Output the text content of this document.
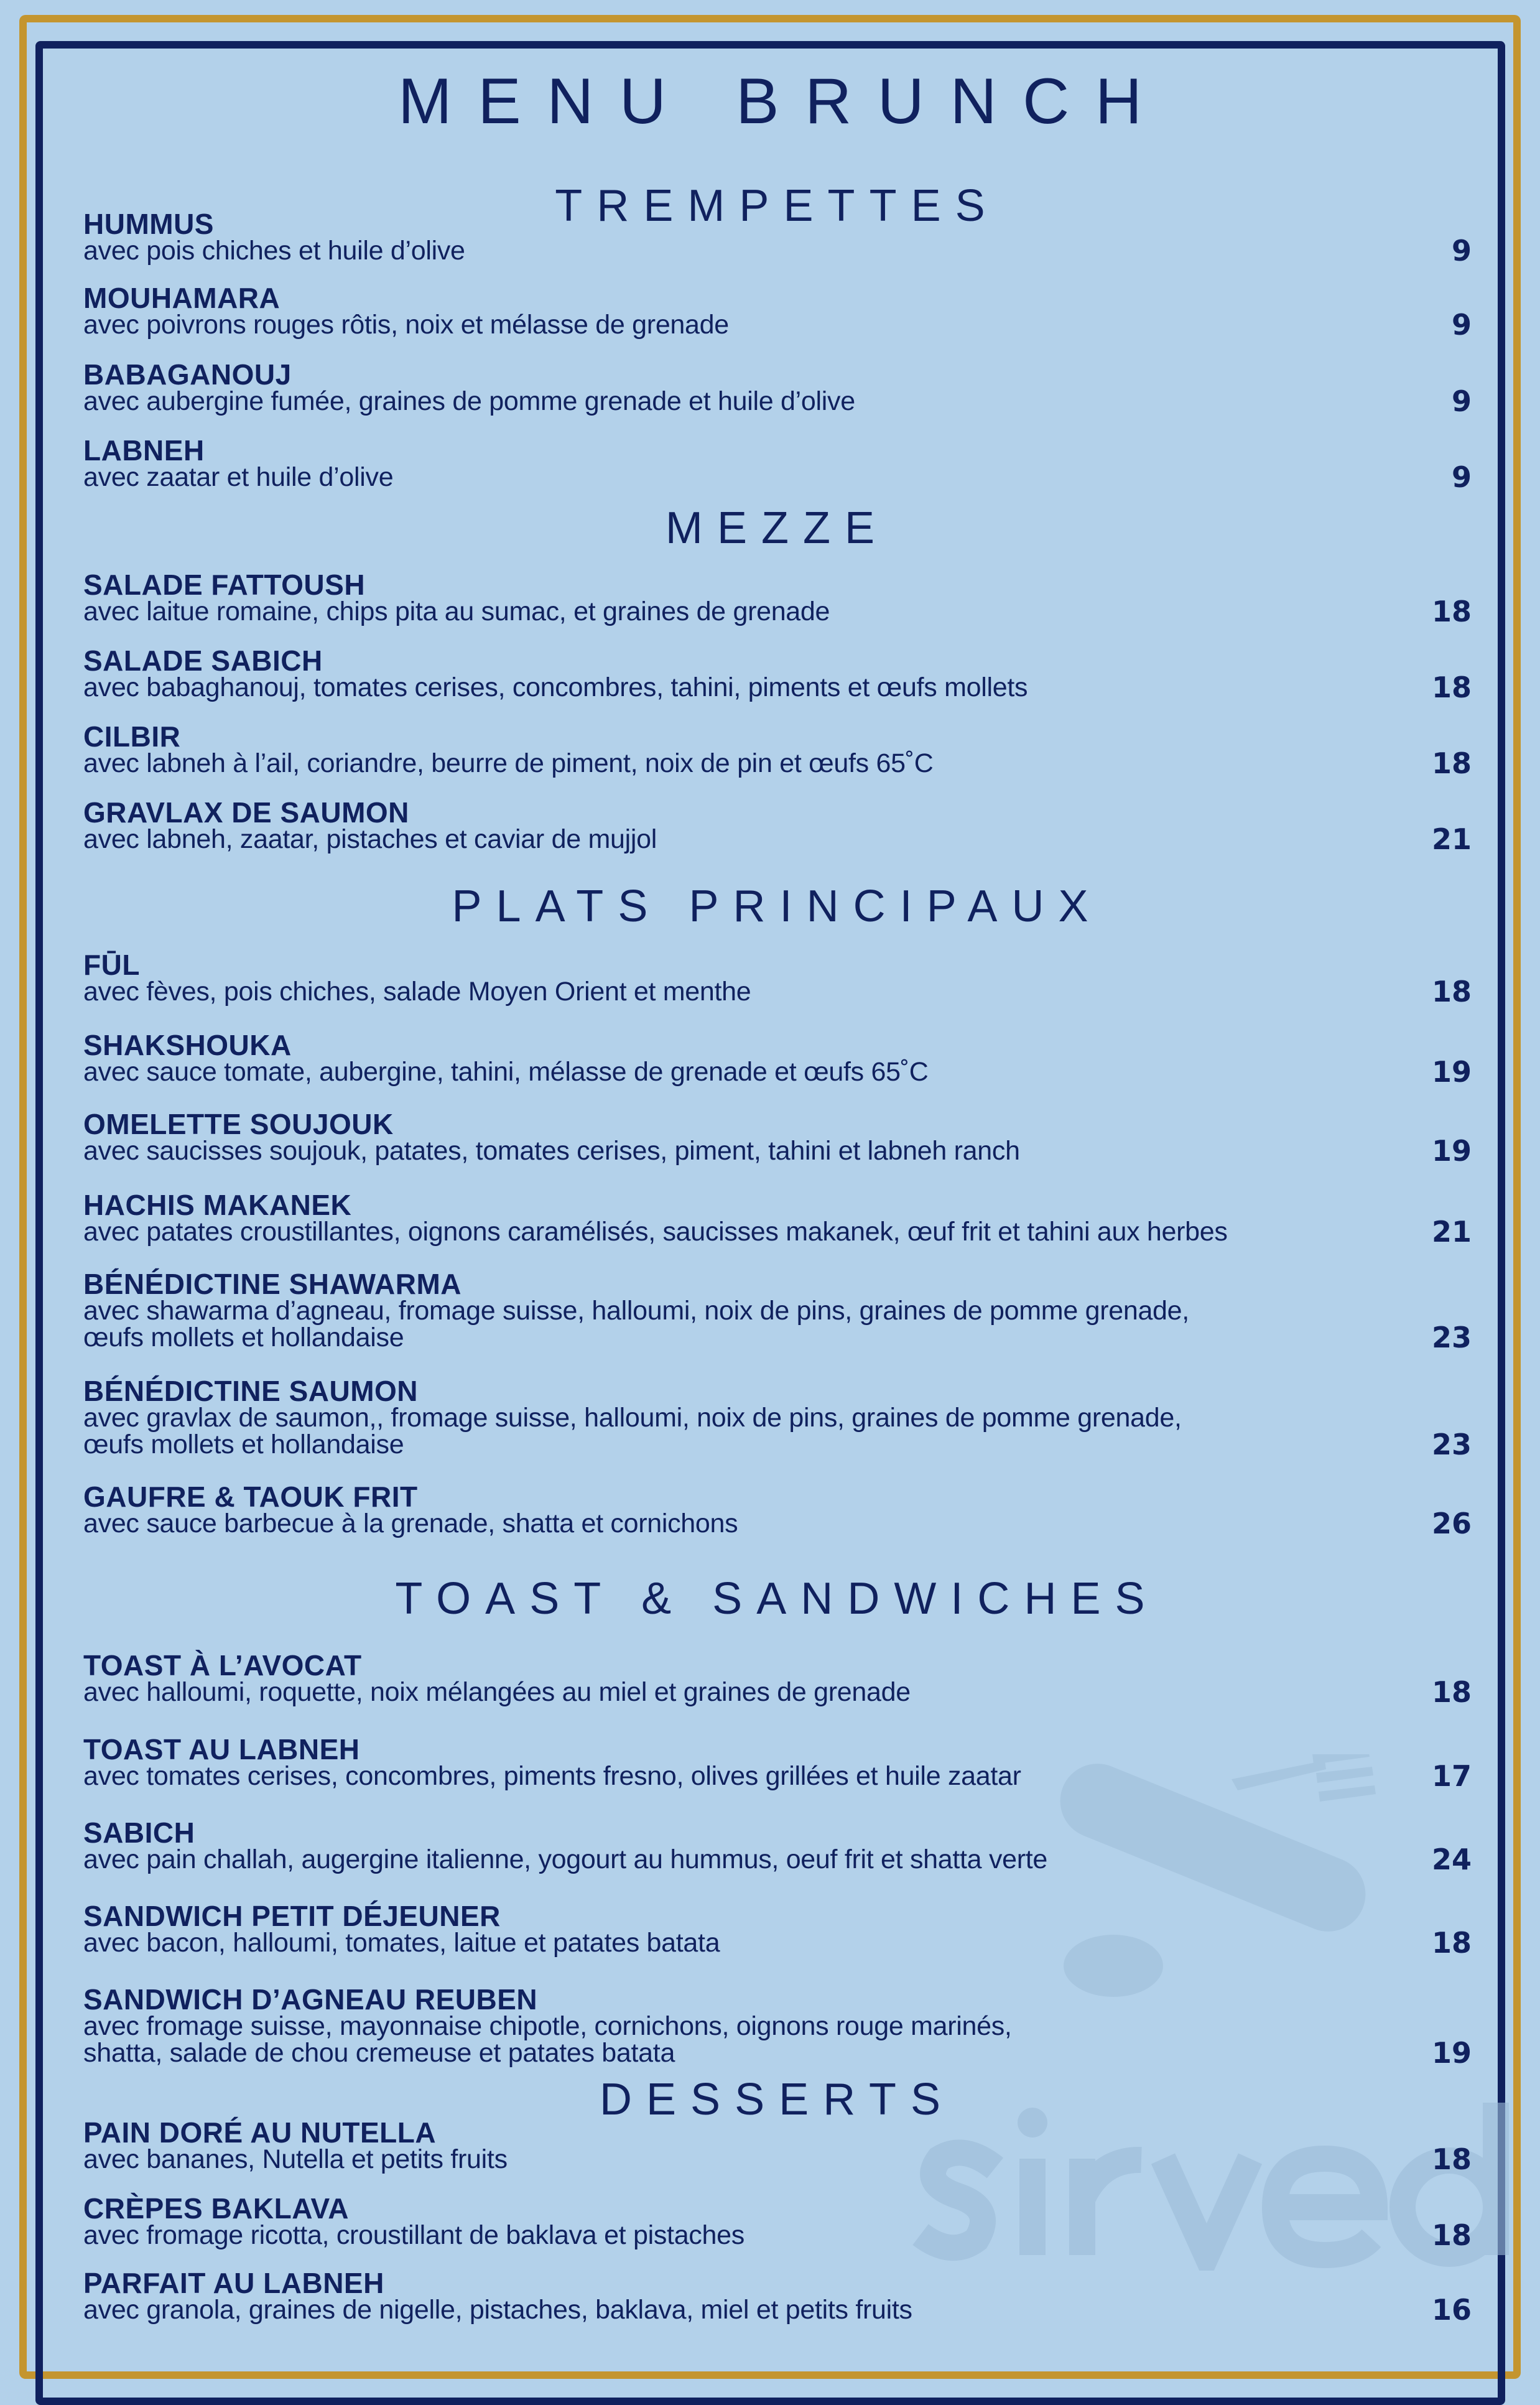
MENU BRUNCH
TREMPETTES
HUMMUS
avec pois chiches et huile d’olive	9
MOUHAMARA
avec poivrons rouges rôtis, noix et mélasse de grenade	9
BABAGANOUJ
avec aubergine fumée, graines de pomme grenade et huile d’olive	9
LABNEH
avec zaatar et huile d’olive	9
MEZZE
SALADE FATTOUSH
avec laitue romaine, chips pita au sumac, et graines de grenade	18
SALADE SABICH
avec babaghanouj, tomates cerises, concombres, tahini, piments et œufs mollets	18
CILBIR
avec labneh à l’ail, coriandre, beurre de piment, noix de pin et œufs 65˚C	18
GRAVLAX DE SAUMON
avec labneh, zaatar, pistaches et caviar de mujjol	21
PLATS PRINCIPAUX
FŪL
avec fèves, pois chiches, salade Moyen Orient et menthe	18
SHAKSHOUKA
avec sauce tomate, aubergine, tahini, mélasse de grenade et œufs 65˚C	19
OMELETTE SOUJOUK
avec saucisses soujouk, patates, tomates cerises, piment, tahini et labneh ranch	19
HACHIS MAKANEK
avec patates croustillantes, oignons caramélisés, saucisses makanek, œuf frit et tahini aux herbes	21
BÉNÉDICTINE SHAWARMA
avec shawarma d’agneau, fromage suisse, halloumi, noix de pins, graines de pomme grenade,
œufs mollets et hollandaise	23
BÉNÉDICTINE SAUMON
avec gravlax de saumon,, fromage suisse, halloumi, noix de pins, graines de pomme grenade,
œufs mollets et hollandaise	23
GAUFRE & TAOUK FRIT
avec sauce barbecue à la grenade, shatta et cornichons	26
TOAST & SANDWICHES
TOAST À L’AVOCAT
avec halloumi, roquette, noix mélangées au miel et graines de grenade	18
TOAST AU LABNEH
avec tomates cerises, concombres, piments fresno, olives grillées et huile zaatar	17
SABICH
avec pain challah, augergine italienne, yogourt au hummus, oeuf frit et shatta verte	24
SANDWICH PETIT DÉJEUNER
avec bacon, halloumi, tomates, laitue et patates batata	18
SANDWICH D’AGNEAU REUBEN
avec fromage suisse, mayonnaise chipotle, cornichons, oignons rouge marinés,
shatta, salade de chou cremeuse et patates batata	19
DESSERTS
PAIN DORÉ AU NUTELLA
avec bananes, Nutella et petits fruits	18
CRÈPES BAKLAVA
avec fromage ricotta, croustillant de baklava et pistaches	18
PARFAIT AU LABNEH
avec granola, graines de nigelle, pistaches, baklava, miel et petits fruits	16
